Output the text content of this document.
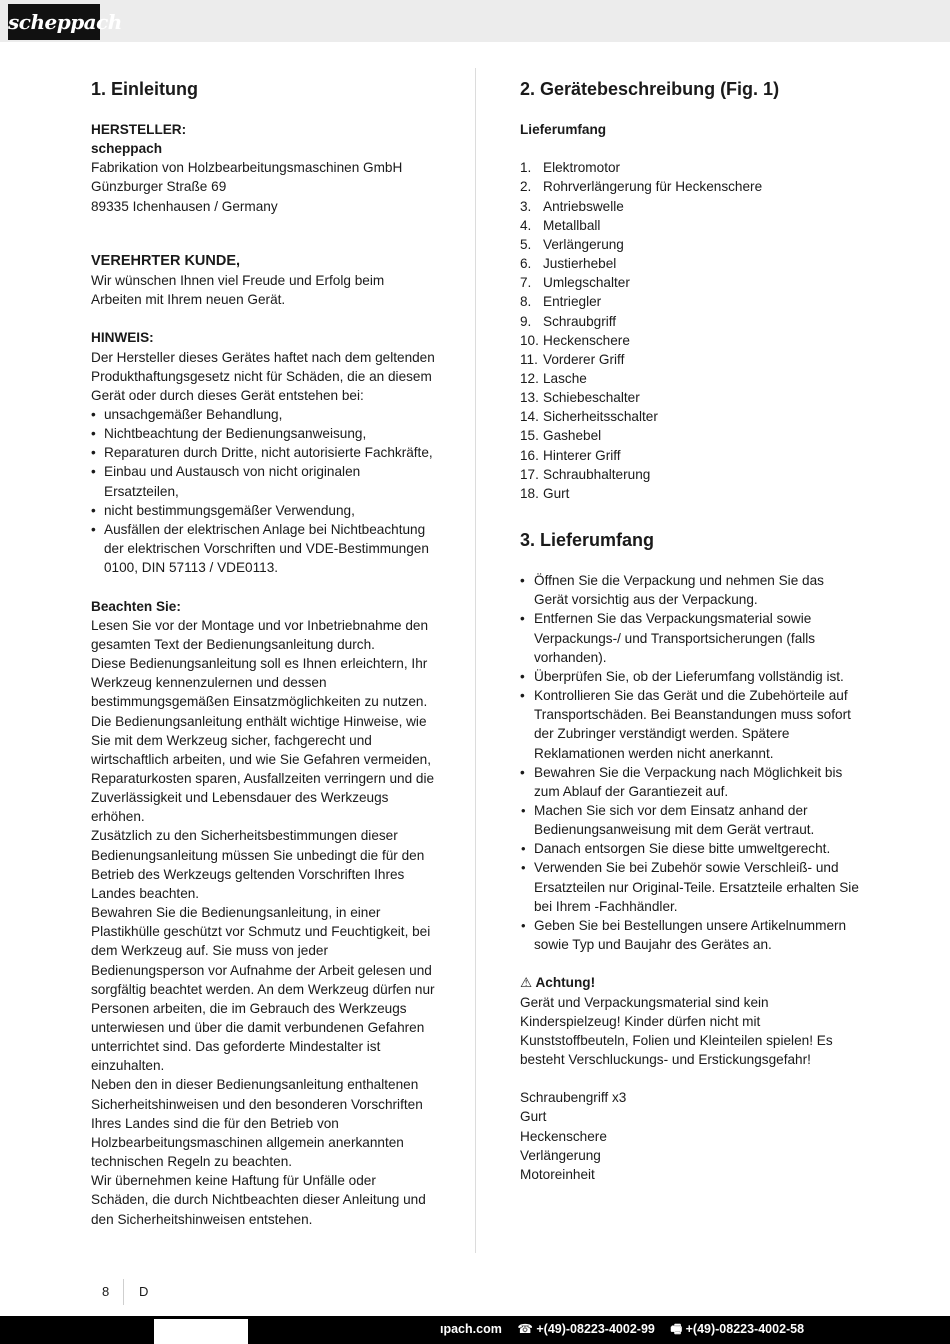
scheppach
1. Einleitung

HERSTELLER:

scheppach

Fabrikation von Holzbearbeitungsmaschinen GmbH

Günzburger Straße 69

89335 Ichenhausen / Germany

VEREHRTER KUNDE,

Wir wünschen Ihnen viel Freude und Erfolg beim Arbeiten mit Ihrem neuen Gerät.

HINWEIS:

Der Hersteller dieses Gerätes haftet nach dem geltenden Produkthaftungsgesetz nicht für Schäden, die an diesem Gerät oder durch dieses Gerät entstehen bei:

• unsachgemäßer Behandlung,
• Nichtbeachtung der Bedienungsanweisung,
• Reparaturen durch Dritte, nicht autorisierte Fachkräfte,
• Einbau und Austausch von nicht originalen Ersatzteilen,
• nicht bestimmungsgemäßer Verwendung,
• Ausfällen der elektrischen Anlage bei Nichtbeachtung der elektrischen Vorschriften und VDE-Bestimmungen 0100, DIN 57113 / VDE0113.

Beachten Sie:

Lesen Sie vor der Montage und vor Inbetriebnahme den gesamten Text der Bedienungsanleitung durch.

Diese Bedienungsanleitung soll es Ihnen erleichtern, Ihr Werkzeug kennenzulernen und dessen bestimmungsgemäßen Einsatzmöglichkeiten zu nutzen.

Die Bedienungsanleitung enthält wichtige Hinweise, wie Sie mit dem Werkzeug sicher, fachgerecht und wirtschaftlich arbeiten, und wie Sie Gefahren vermeiden, Reparaturkosten sparen, Ausfallzeiten verringern und die Zuverlässigkeit und Lebensdauer des Werkzeugs erhöhen.

Zusätzlich zu den Sicherheitsbestimmungen dieser Bedienungsanleitung müssen Sie unbedingt die für den Betrieb des Werkzeugs geltenden Vorschriften Ihres Landes beachten.

Bewahren Sie die Bedienungsanleitung, in einer Plastikhülle geschützt vor Schmutz und Feuchtigkeit, bei dem Werkzeug auf. Sie muss von jeder Bedienungsperson vor Aufnahme der Arbeit gelesen und sorgfältig beachtet werden. An dem Werkzeug dürfen nur Personen arbeiten, die im Gebrauch des Werkzeugs unterwiesen und über die damit verbundenen Gefahren unterrichtet sind. Das geforderte Mindestalter ist einzuhalten.

Neben den in dieser Bedienungsanleitung enthaltenen Sicherheitshinweisen und den besonderen Vorschriften Ihres Landes sind die für den Betrieb von Holzbearbeitungsmaschinen allgemein anerkannten technischen Regeln zu beachten.

Wir übernehmen keine Haftung für Unfälle oder Schäden, die durch Nichtbeachten dieser Anleitung und den Sicherheitshinweisen entstehen.

2. Gerätebeschreibung (Fig. 1)

Lieferumfang

1. Elektromotor
2. Rohrverlängerung für Heckenschere
3. Antriebswelle
4. Metallball
5. Verlängerung
6. Justierhebel
7. Umlegschalter
8. Entriegler
9. Schraubgriff
10. Heckenschere
11. Vorderer Griff
12. Lasche
13. Schiebeschalter
14. Sicherheitsschalter
15. Gashebel
16. Hinterer Griff
17. Schraubhalterung
18. Gurt
3. Lieferumfang
• Öffnen Sie die Verpackung und nehmen Sie das Gerät vorsichtig aus der Verpackung.
• Entfernen Sie das Verpackungsmaterial sowie Verpackungs-/ und Transportsicherungen (falls vorhanden).
• Überprüfen Sie, ob der Lieferumfang vollständig ist.
• Kontrollieren Sie das Gerät und die Zubehörteile auf Transportschäden. Bei Beanstandungen muss sofort der Zubringer verständigt werden. Spätere Reklamationen werden nicht anerkannt.
• Bewahren Sie die Verpackung nach Möglichkeit bis zum Ablauf der Garantiezeit auf.
• Machen Sie sich vor dem Einsatz anhand der Bedienungsanweisung mit dem Gerät vertraut.
• Danach entsorgen Sie diese bitte umweltgerecht.
• Verwenden Sie bei Zubehör sowie Verschleiß- und Ersatzteilen nur Original-Teile. Ersatzteile erhalten Sie bei Ihrem -Fachhändler.
• Geben Sie bei Bestellungen unsere Artikelnummern sowie Typ und Baujahr des Gerätes an.

⚠ Achtung!

Gerät und Verpackungsmaterial sind kein Kinderspielzeug! Kinder dürfen nicht mit Kunststoffbeuteln, Folien und Kleinteilen spielen! Es besteht Verschluckungs- und Erstickungsgefahr!

Schraubengriff x3

Gurt

Heckenschere

Verlängerung

Motoreinheit

8 D
ıpach.com ☎ +(49)-08223-4002-99 🖷 +(49)-08223-4002-58
